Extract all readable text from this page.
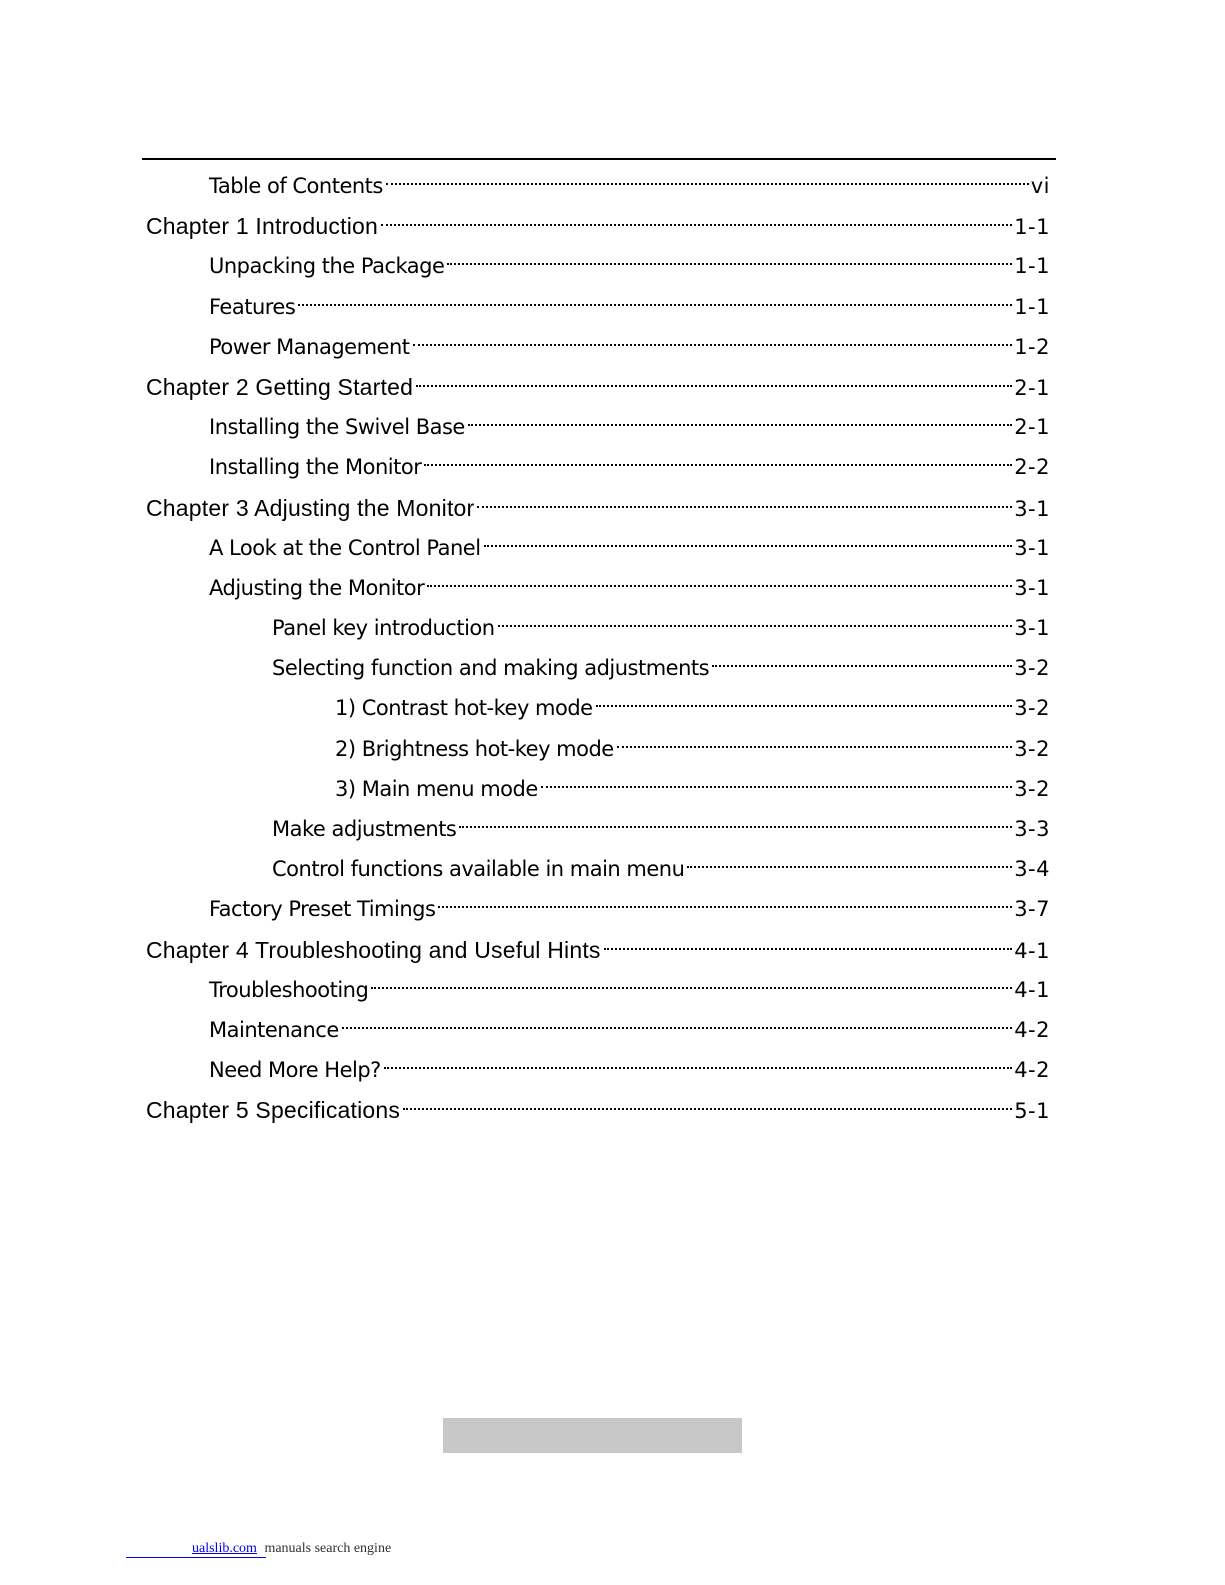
Table of Contents	vi
Chapter 1 Introduction	1-1
Unpacking the Package	1-1
Features	1-1
Power Management	1-2
Chapter 2 Getting Started	2-1
Installing the Swivel Base	2-1
Installing the Monitor	2-2
Chapter 3 Adjusting the Monitor	3-1
A Look at the Control Panel	3-1
Adjusting the Monitor	3-1
Panel key introduction	3-1
Selecting function and making adjustments	3-2
1) Contrast hot-key mode	3-2
2) Brightness hot-key mode	3-2
3) Main menu mode	3-2
Make adjustments	3-3
Control functions available in main menu	3-4
Factory Preset Timings	3-7
Chapter 4 Troubleshooting and Useful Hints	4-1
Troubleshooting	4-1
Maintenance	4-2
Need More Help?	4-2
Chapter 5 Specifications	5-1
ualslib.com manuals search engine
